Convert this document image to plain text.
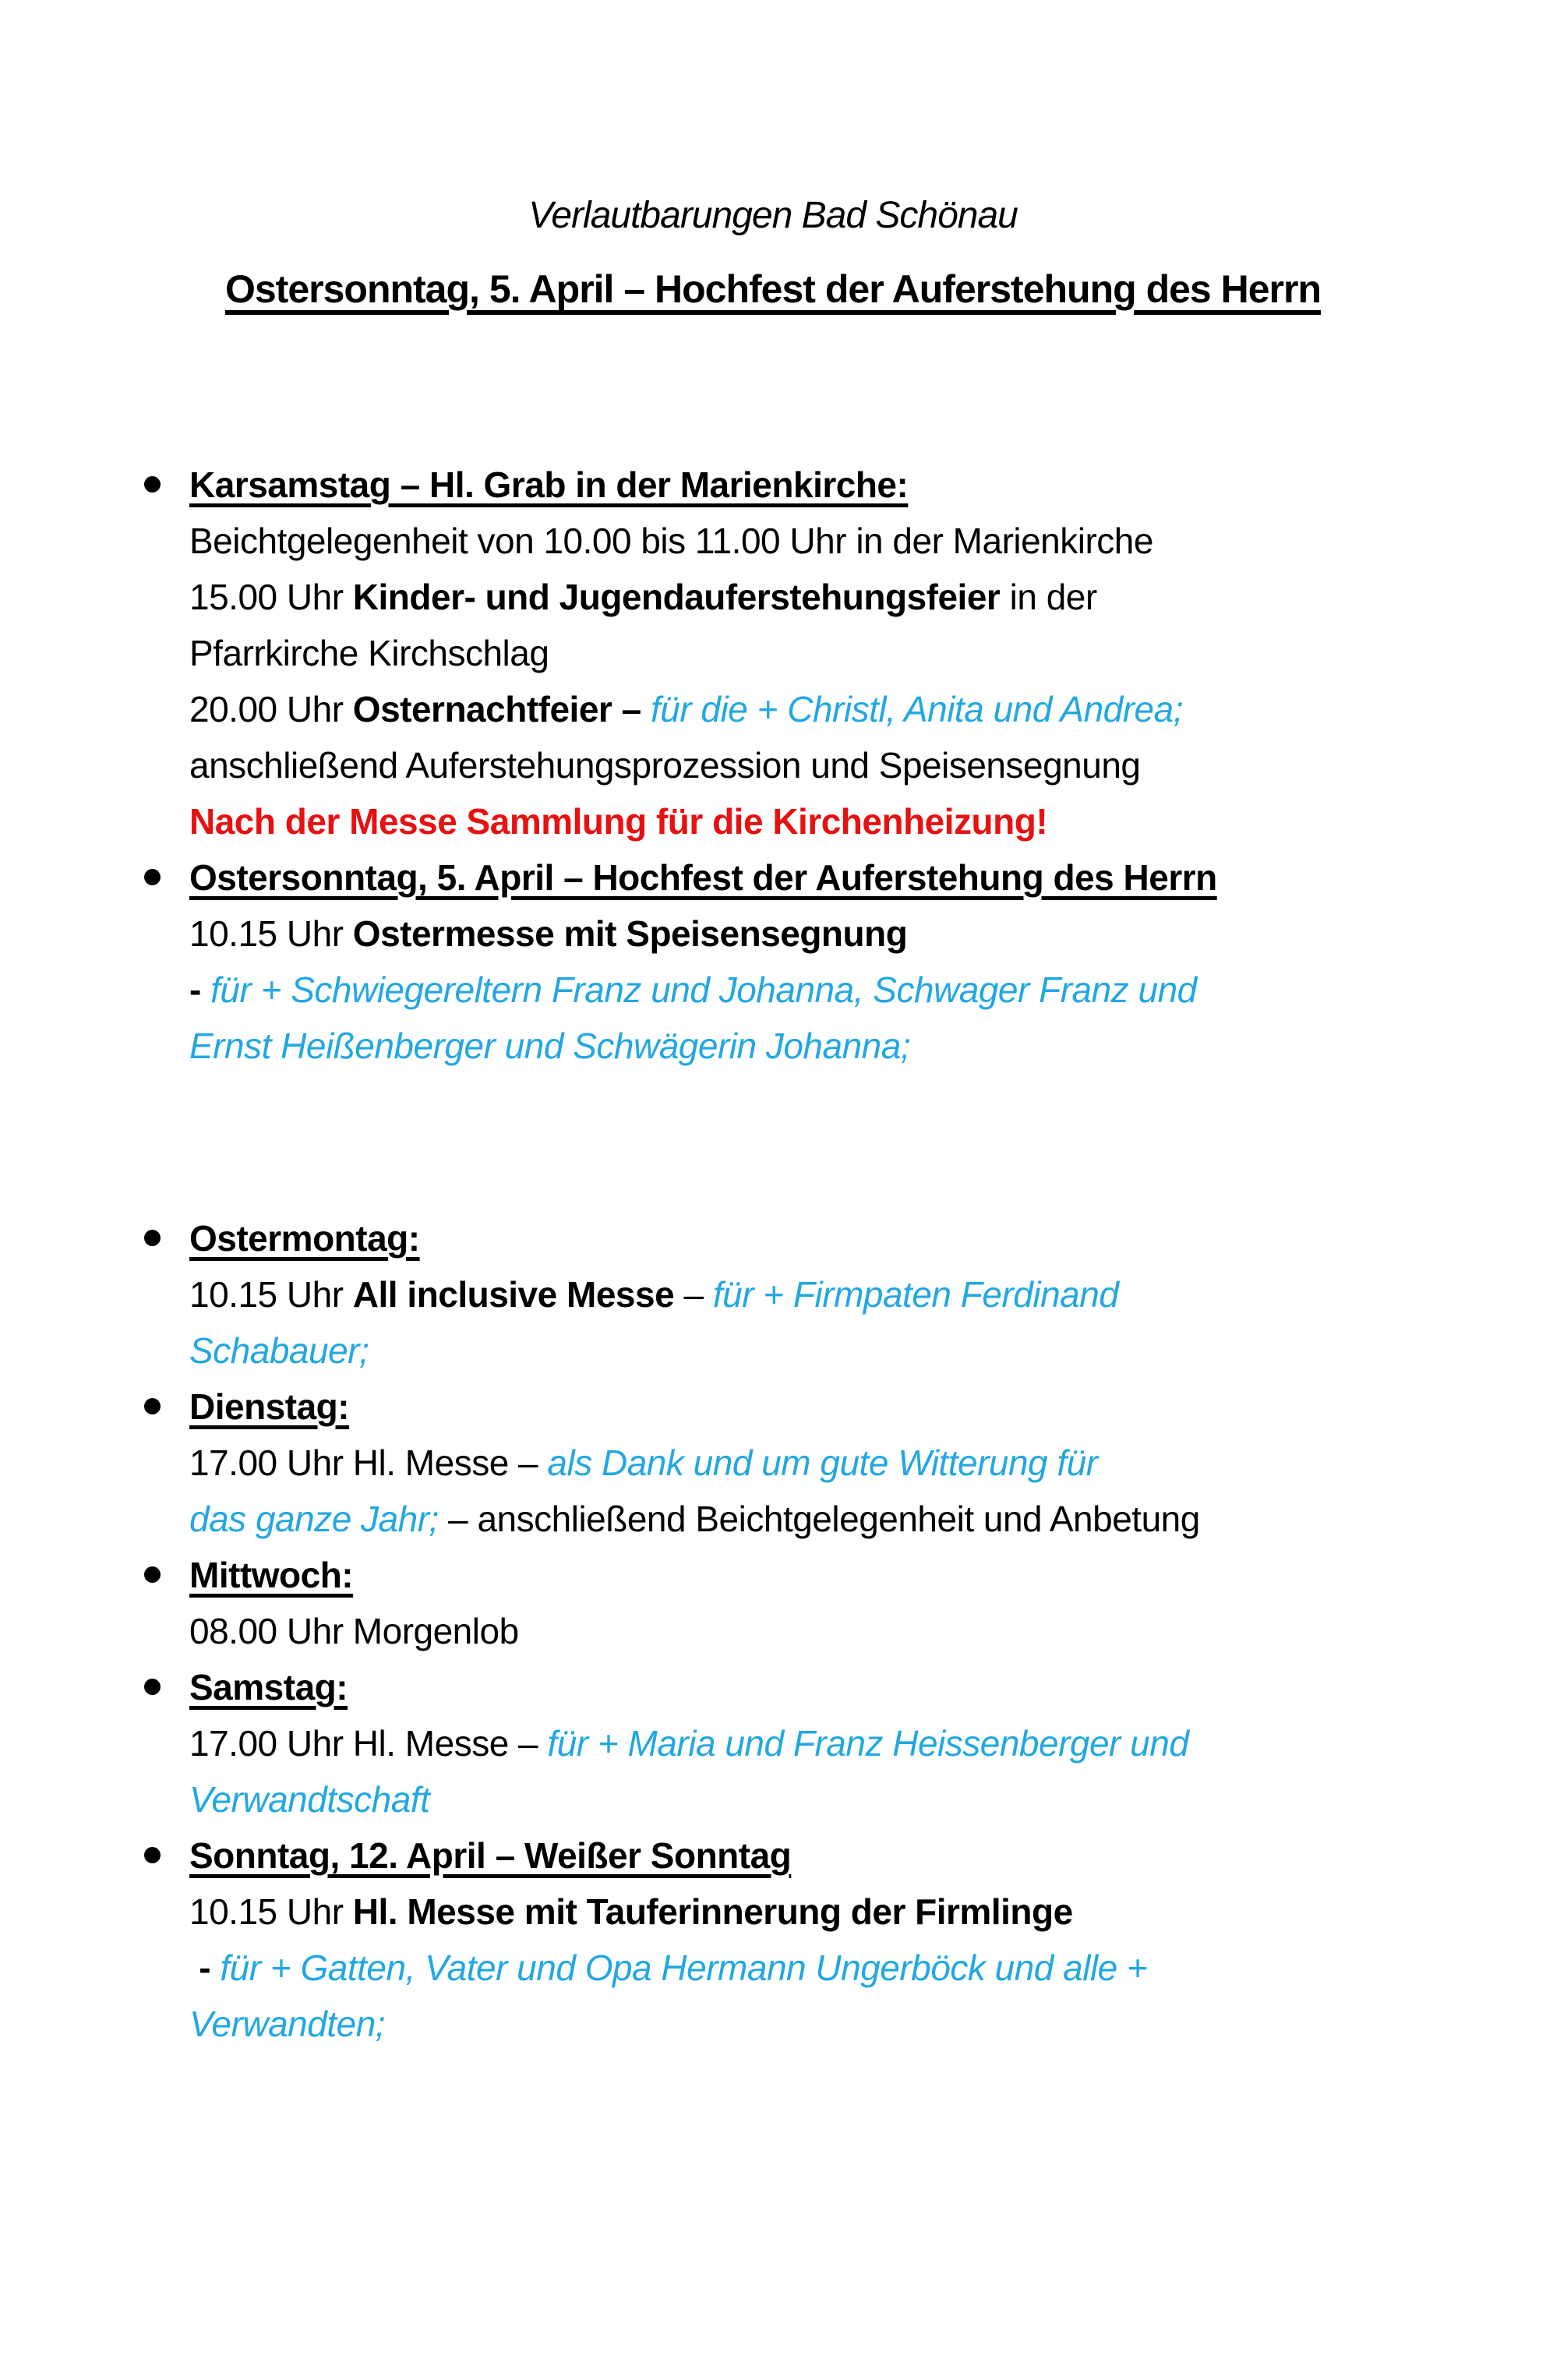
Verlautbarungen Bad Schönau
Ostersonntag, 5. April – Hochfest der Auferstehung des Herrn
Karsamstag – Hl. Grab in der Marienkirche:
Beichtgelegenheit von 10.00 bis 11.00 Uhr in der Marienkirche
15.00 Uhr Kinder- und Jugendauferstehungsfeier in der
Pfarrkirche Kirchschlag
20.00 Uhr Osternachtfeier – für die + Christl, Anita und Andrea;
anschließend Auferstehungsprozession und Speisensegnung
Nach der Messe Sammlung für die Kirchenheizung!
Ostersonntag, 5. April – Hochfest der Auferstehung des Herrn
10.15 Uhr Ostermesse mit Speisensegnung
- für + Schwiegereltern Franz und Johanna, Schwager Franz und
Ernst Heißenberger und Schwägerin Johanna;
Ostermontag:
10.15 Uhr All inclusive Messe – für + Firmpaten Ferdinand
Schabauer;
Dienstag:
17.00 Uhr Hl. Messe – als Dank und um gute Witterung für
das ganze Jahr; – anschließend Beichtgelegenheit und Anbetung
Mittwoch:
08.00 Uhr Morgenlob
Samstag:
17.00 Uhr Hl. Messe – für + Maria und Franz Heissenberger und
Verwandtschaft
Sonntag, 12. April – Weißer Sonntag
10.15 Uhr Hl. Messe mit Tauferinnerung der Firmlinge
- für + Gatten, Vater und Opa Hermann Ungerböck und alle +
Verwandten;
